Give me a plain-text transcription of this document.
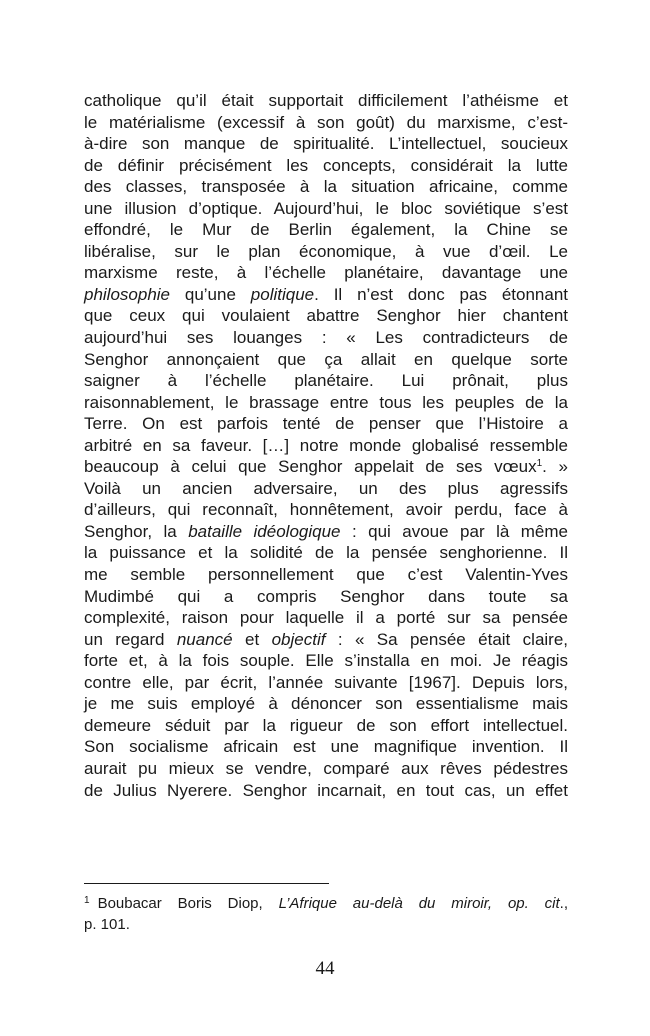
catholique qu’il était supportait difficilement l’athéisme et
le matérialisme (excessif à son goût) du marxisme, c’est-
à-dire son manque de spiritualité. L’intellectuel, soucieux
de définir précisément les concepts, considérait la lutte
des classes, transposée à la situation africaine, comme
une illusion d’optique. Aujourd’hui, le bloc soviétique s’est
effondré, le Mur de Berlin également, la Chine se
libéralise, sur le plan économique, à vue d’œil. Le
marxisme reste, à l’échelle planétaire, davantage une
philosophie qu’une politique. Il n’est donc pas étonnant
que ceux qui voulaient abattre Senghor hier chantent
aujourd’hui ses louanges : « Les contradicteurs de
Senghor annonçaient que ça allait en quelque sorte
saigner à l’échelle planétaire. Lui prônait, plus
raisonnablement, le brassage entre tous les peuples de la
Terre. On est parfois tenté de penser que l’Histoire a
arbitré en sa faveur. […] notre monde globalisé ressemble
beaucoup à celui que Senghor appelait de ses vœux$^1$. »
Voilà un ancien adversaire, un des plus agressifs
d’ailleurs, qui reconnaît, honnêtement, avoir perdu, face à
Senghor, la bataille idéologique : qui avoue par là même
la puissance et la solidité de la pensée senghorienne. Il
me semble personnellement que c’est Valentin-Yves
Mudimbé qui a compris Senghor dans toute sa
complexité, raison pour laquelle il a porté sur sa pensée
un regard nuancé et objectif : « Sa pensée était claire,
forte et, à la fois souple. Elle s’installa en moi. Je réagis
contre elle, par écrit, l’année suivante [1967]. Depuis lors,
je me suis employé à dénoncer son essentialisme mais
demeure séduit par la rigueur de son effort intellectuel.
Son socialisme africain est une magnifique invention. Il
aurait pu mieux se vendre, comparé aux rêves pédestres
de Julius Nyerere. Senghor incarnait, en tout cas, un effet
$^1$ Boubacar Boris Diop, L’Afrique au-delà du miroir, op. cit.,
p. 101.
44
